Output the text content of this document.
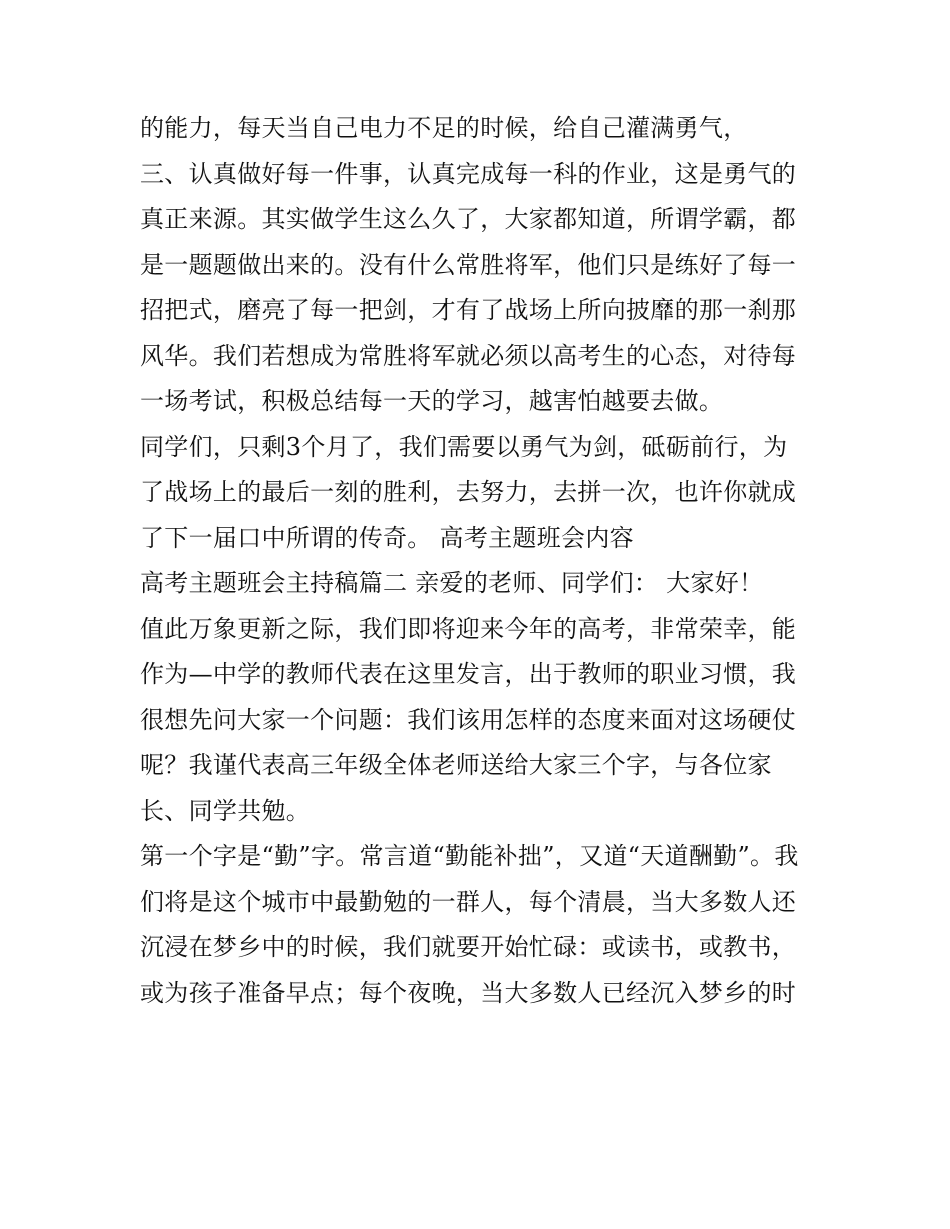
的能力，每天当自己电力不足的时候，给自己灌满勇气，
三、认真做好每一件事，认真完成每一科的作业，这是勇气的
真正来源。其实做学生这么久了，大家都知道，所谓学霸，都
是一题题做出来的。没有什么常胜将军，他们只是练好了每一
招把式，磨亮了每一把剑，才有了战场上所向披靡的那一刹那
风华。我们若想成为常胜将军就必须以高考生的心态，对待每
一场考试，积极总结每一天的学习，越害怕越要去做。
同学们，只剩3个月了，我们需要以勇气为剑，砥砺前行，为
了战场上的最后一刻的胜利，去努力，去拼一次，也许你就成
了下一届口中所谓的传奇。 高考主题班会内容
高考主题班会主持稿篇二 亲爱的老师、同学们： 大家好！
值此万象更新之际，我们即将迎来今年的高考，非常荣幸，能
作为—中学的教师代表在这里发言，出于教师的职业习惯，我
很想先问大家一个问题：我们该用怎样的态度来面对这场硬仗
呢？我谨代表高三年级全体老师送给大家三个字，与各位家
长、同学共勉。
第一个字是“勤”字。常言道“勤能补拙”，又道“天道酬勤”。我
们将是这个城市中最勤勉的一群人，每个清晨，当大多数人还
沉浸在梦乡中的时候，我们就要开始忙碌：或读书，或教书，
或为孩子准备早点；每个夜晚，当大多数人已经沉入梦乡的时
